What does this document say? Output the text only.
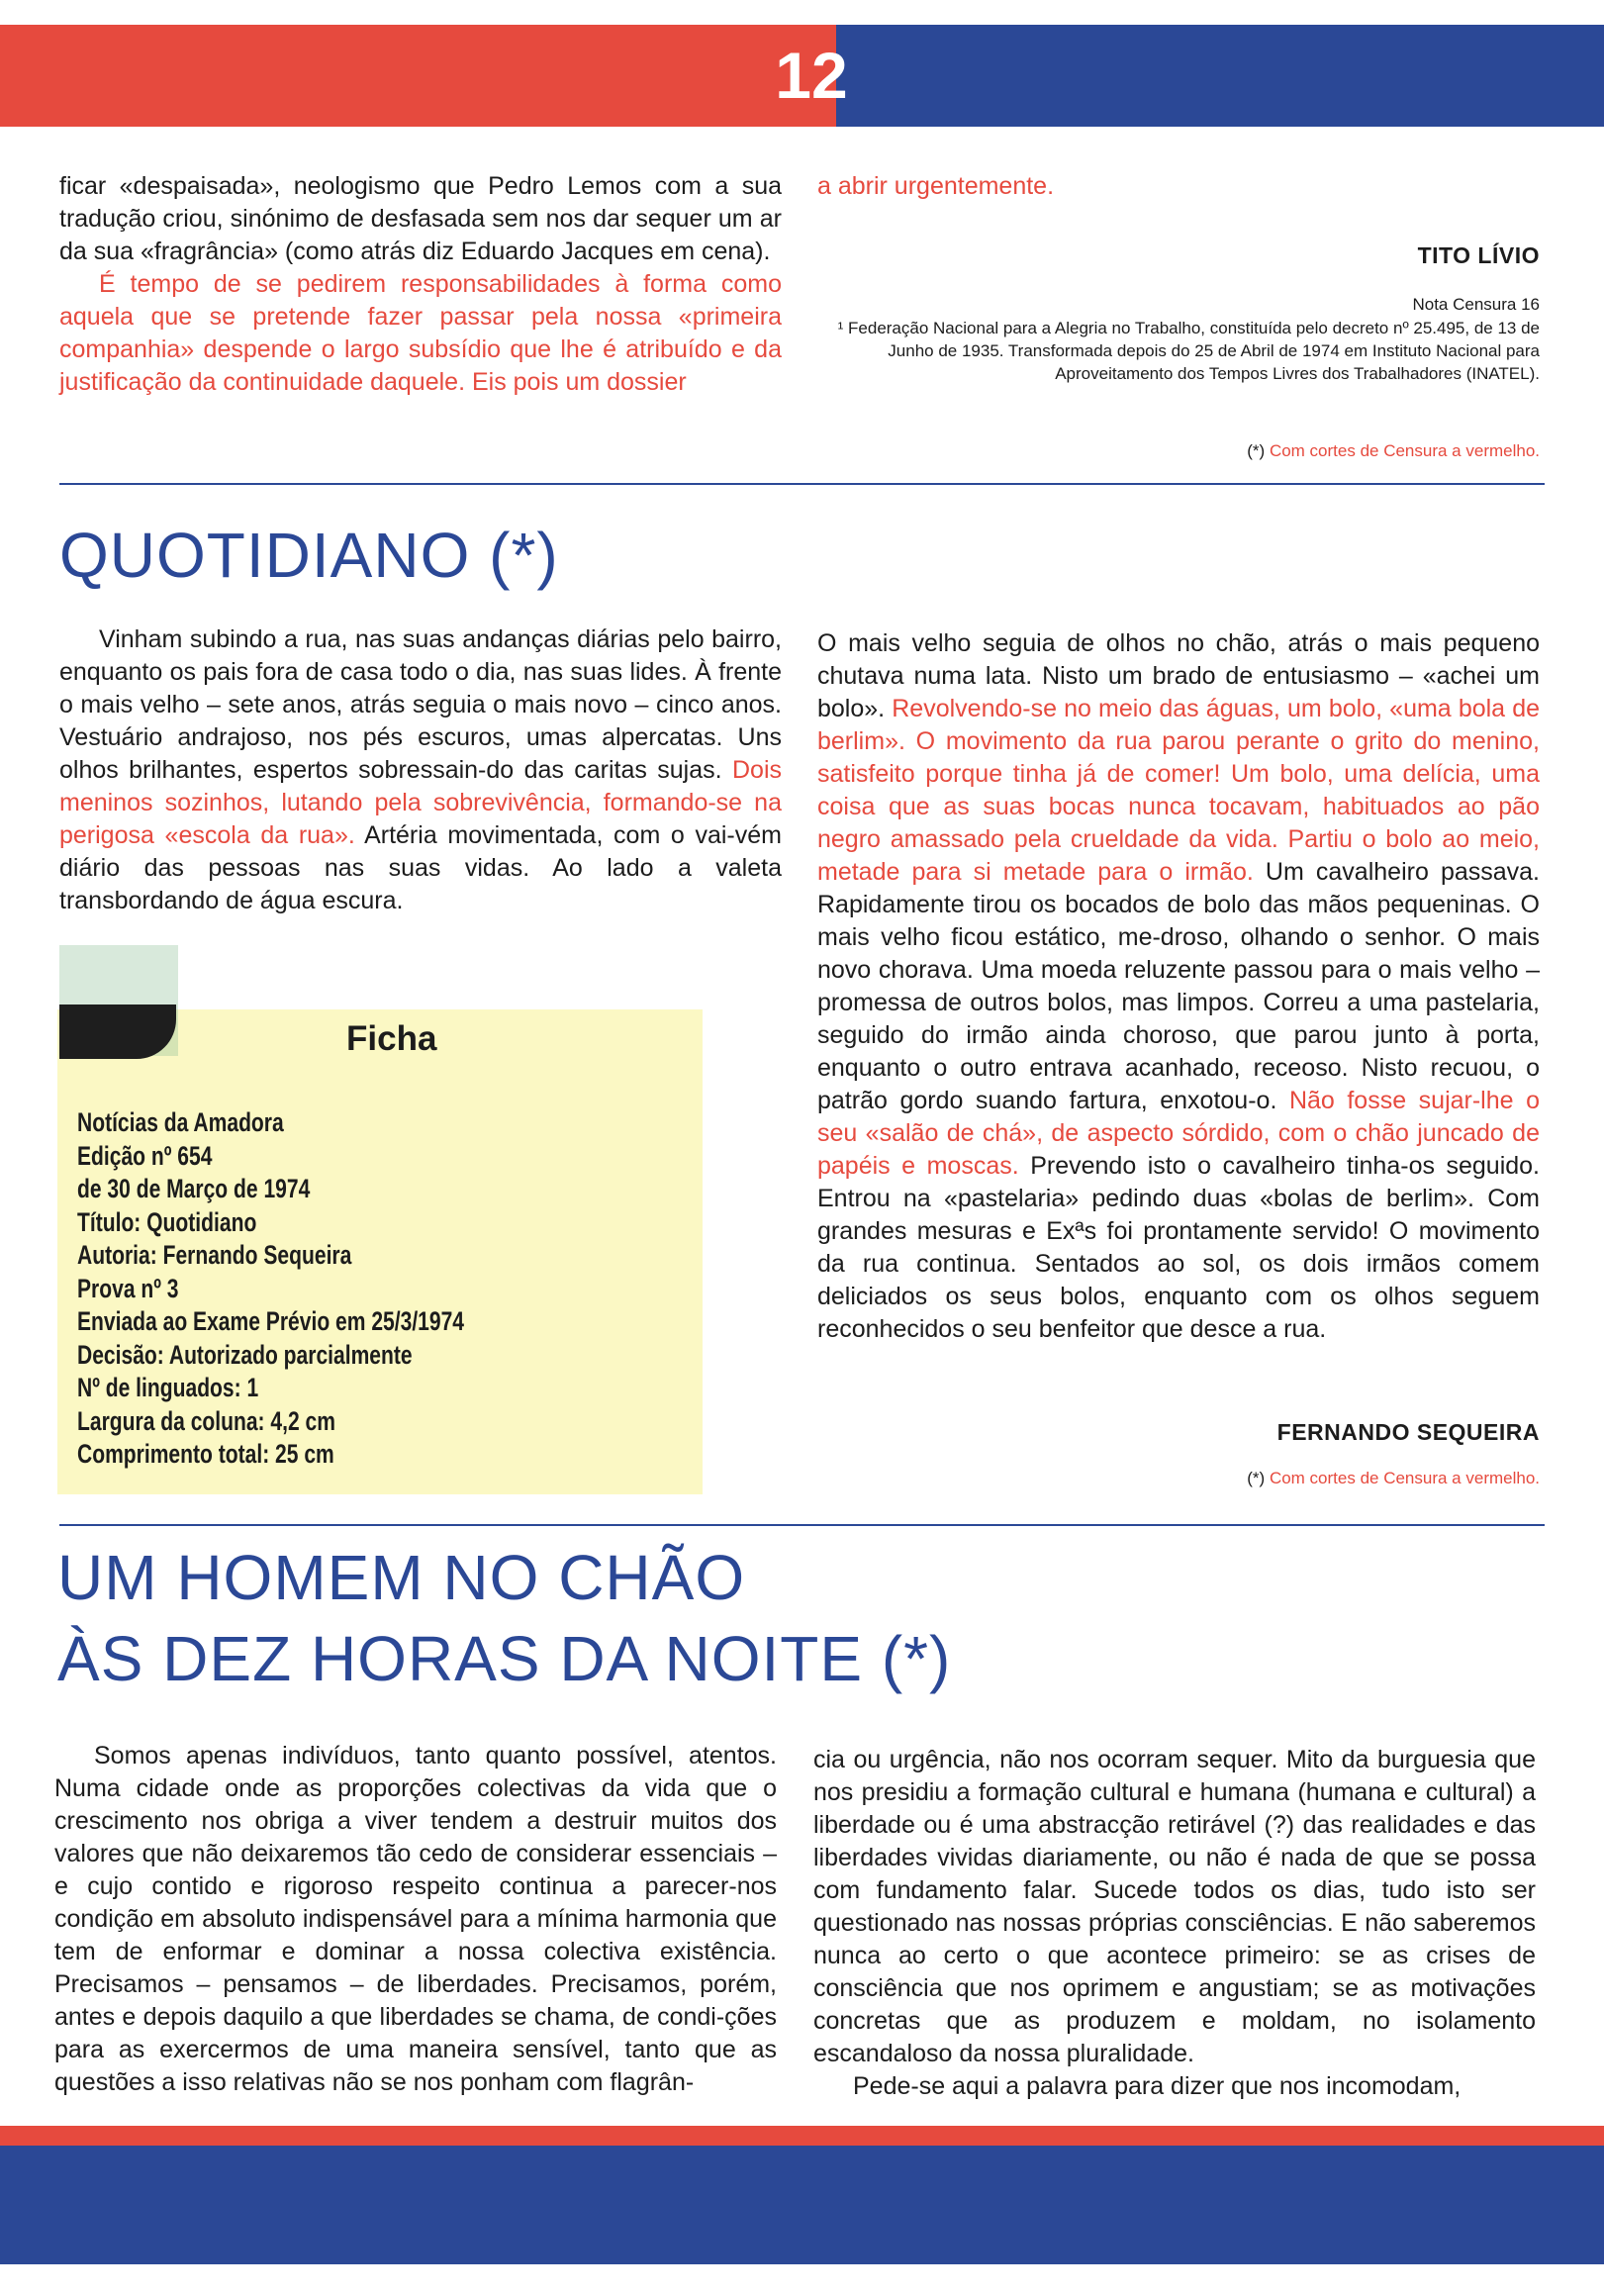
12

ficar «despaisada», neologismo que Pedro Lemos com a sua tradução criou, sinónimo de desfasada sem nos dar sequer um ar da sua «fragrância» (como atrás diz Eduardo Jacques em cena).

É tempo de se pedirem responsabilidades à forma como aquela que se pretende fazer passar pela nossa «primeira companhia» despende o largo subsídio que lhe é atribuído e da justificação da continuidade daquele. Eis pois um dossier

a abrir urgentemente.
TITO LÍVIO
Nota Censura 16
¹ Federação Nacional para a Alegria no Trabalho, constituída pelo decreto nº 25.495, de 13 de Junho de 1935. Transformada depois do 25 de Abril de 1974 em Instituto Nacional para Aproveitamento dos Tempos Livres dos Trabalhadores (INATEL).
(*) Com cortes de Censura a vermelho.
QUOTIDIANO (*)

Vinham subindo a rua, nas suas andanças diárias pelo bairro, enquanto os pais fora de casa todo o dia, nas suas lides. À frente o mais velho – sete anos, atrás seguia o mais novo – cinco anos. Vestuário andrajoso, nos pés escuros, umas alpercatas. Uns olhos brilhantes, espertos sobressain-do das caritas sujas. Dois meninos sozinhos, lutando pela sobrevivência, formando-se na perigosa «escola da rua». Artéria movimentada, com o vai-vém diário das pessoas nas suas vidas. Ao lado a valeta transbordando de água escura.

O mais velho seguia de olhos no chão, atrás o mais pequeno chutava numa lata. Nisto um brado de entusiasmo – «achei um bolo». Revolvendo-se no meio das águas, um bolo, «uma bola de berlim». O movimento da rua parou perante o grito do menino, satisfeito porque tinha já de comer! Um bolo, uma delícia, uma coisa que as suas bocas nunca tocavam, habituados ao pão negro amassado pela crueldade da vida. Partiu o bolo ao meio, metade para si metade para o irmão. Um cavalheiro passava. Rapidamente tirou os bocados de bolo das mãos pequeninas. O mais velho ficou estático, me-droso, olhando o senhor. O mais novo chorava. Uma moeda reluzente passou para o mais velho – promessa de outros bolos, mas limpos. Correu a uma pastelaria, seguido do irmão ainda choroso, que parou junto à porta, enquanto o outro entrava acanhado, receoso. Nisto recuou, o patrão gordo suando fartura, enxotou-o. Não fosse sujar-lhe o seu «salão de chá», de aspecto sórdido, com o chão juncado de papéis e moscas. Prevendo isto o cavalheiro tinha-os seguido. Entrou na «pastelaria» pedindo duas «bolas de berlim». Com grandes mesuras e Exªs foi prontamente servido! O movimento da rua continua. Sentados ao sol, os dois irmãos comem deliciados os seus bolos, enquanto com os olhos seguem reconhecidos o seu benfeitor que desce a rua.

FERNANDO SEQUEIRA
(*) Com cortes de Censura a vermelho.
Ficha
Notícias da Amadora
Edição nº 654
de 30 de Março de 1974
Título: Quotidiano
Autoria: Fernando Sequeira
Prova nº 3
Enviada ao Exame Prévio em 25/3/1974
Decisão: Autorizado parcialmente
Nº de linguados: 1
Largura da coluna: 4,2 cm
Comprimento total: 25 cm
UM HOMEM NO CHÃO
ÀS DEZ HORAS DA NOITE (*)

Somos apenas indivíduos, tanto quanto possível, atentos. Numa cidade onde as proporções colectivas da vida que o crescimento nos obriga a viver tendem a destruir muitos dos valores que não deixaremos tão cedo de considerar essenciais – e cujo contido e rigoroso respeito continua a parecer-nos condição em absoluto indispensável para a mínima harmonia que tem de enformar e dominar a nossa colectiva existência. Precisamos – pensamos – de liberdades. Precisamos, porém, antes e depois daquilo a que liberdades se chama, de condi-ções para as exercermos de uma maneira sensível, tanto que as questões a isso relativas não se nos ponham com flagrân-

cia ou urgência, não nos ocorram sequer. Mito da burguesia que nos presidiu a formação cultural e humana (humana e cultural) a liberdade ou é uma abstracção retirável (?) das realidades e das liberdades vividas diariamente, ou não é nada de que se possa com fundamento falar. Sucede todos os dias, tudo isto ser questionado nas nossas próprias consciências. E não saberemos nunca ao certo o que acontece primeiro: se as crises de consciência que nos oprimem e angustiam; se as motivações concretas que as produzem e moldam, no isolamento escandaloso da nossa pluralidade.

Pede-se aqui a palavra para dizer que nos incomodam,
